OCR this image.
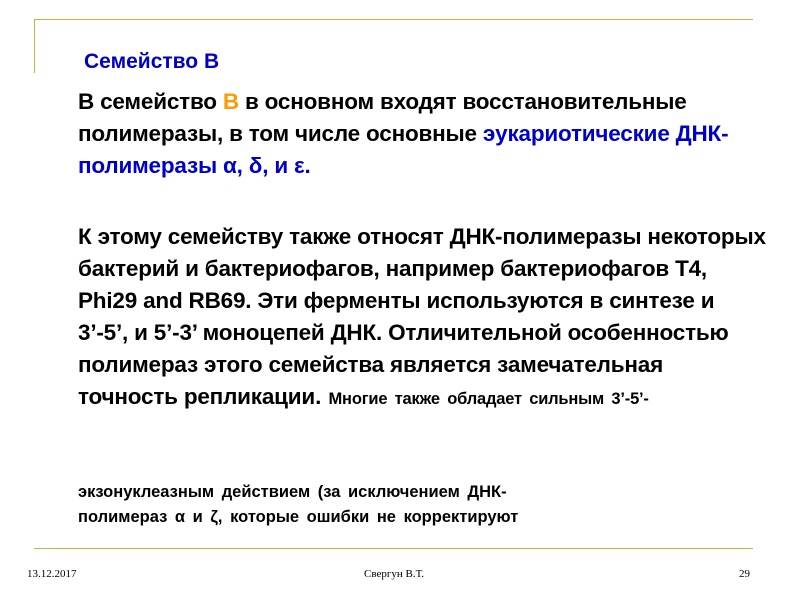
Семейство В
В семейство В в основном входят восстановительные полимеразы, в том числе основные эукариотические ДНК-полимеразы α, δ, и ε.
К этому семейству также относят ДНК-полимеразы некоторых бактерий и бактериофагов, например бактериофагов Т4, Phi29 and RB69. Эти ферменты используются в синтезе и 3’-5’, и 5’-3’ моноцепей ДНК. Отличительной особенностью полимераз этого семейства является замечательная точность репликации. Многие также обладает сильным 3’-5’-
экзонуклеазным действием (за исключением ДНК-
полимераз α и ζ, которые ошибки не корректируют
13.12.2017	Свергун В.Т.	29
